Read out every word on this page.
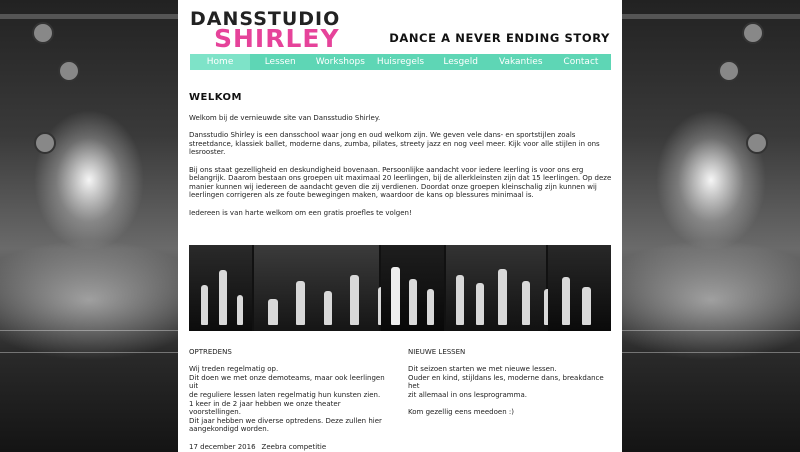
DANSSTUDIO
SHIRLEY	DANCE A NEVER ENDING STORY
Home	Lessen	Workshops	Huisregels	Lesgeld	Vakanties	Contact
WELKOM

Welkom bij de vernieuwde site van Dansstudio Shirley.

Dansstudio Shirley is een dansschool waar jong en oud welkom zijn. We geven vele dans- en sportstijlen zoals streetdance, klassiek ballet, moderne dans, zumba, pilates, streety jazz en nog veel meer. Kijk voor alle stijlen in ons lesrooster.

Bij ons staat gezelligheid en deskundigheid bovenaan. Persoonlijke aandacht voor iedere leerling is voor ons erg belangrijk. Daarom bestaan ons groepen uit maximaal 20 leerlingen, bij de allerkleinsten zijn dat 15 leerlingen. Op deze manier kunnen wij iedereen de aandacht geven die zij verdienen. Doordat onze groepen kleinschalig zijn kunnen wij leerlingen corrigeren als ze foute bewegingen maken, waardoor de kans op blessures minimaal is.

Iedereen is van harte welkom om een gratis proefles te volgen!

OPTREDENS
Wij treden regelmatig op.
Dit doen we met onze demoteams, maar ook leerlingen uit
de reguliere lessen laten regelmatig hun kunsten zien.
1 keer in de 2 jaar hebben we onze theater voorstellingen.
Dit jaar hebben we diverse optredens. Deze zullen hier
aangekondigd worden.
17 december 2016 Zeebra competitie
NIEUWE LESSEN
Dit seizoen starten we met nieuwe lessen.
Ouder en kind, stijldans les, moderne dans, breakdance het
zit allemaal in ons lesprogramma.
Kom gezellig eens meedoen :)
